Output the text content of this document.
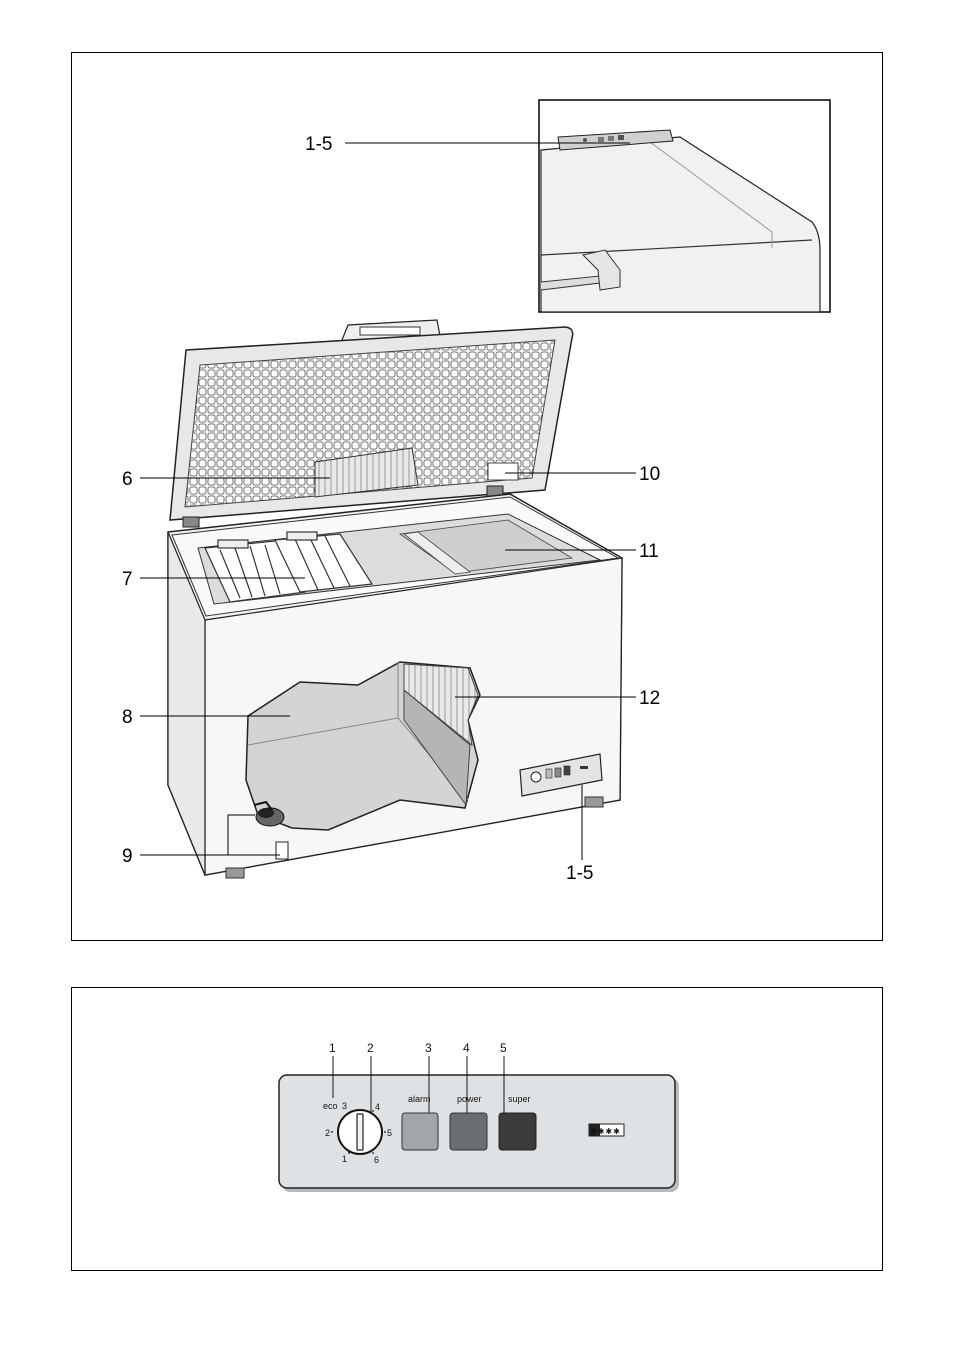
1-5
6
7
8
9
10
11
12
1-5
1	2	3	4	5
eco 3	4
2	5
1	6
alarm	power	super
✱✱✱✱
